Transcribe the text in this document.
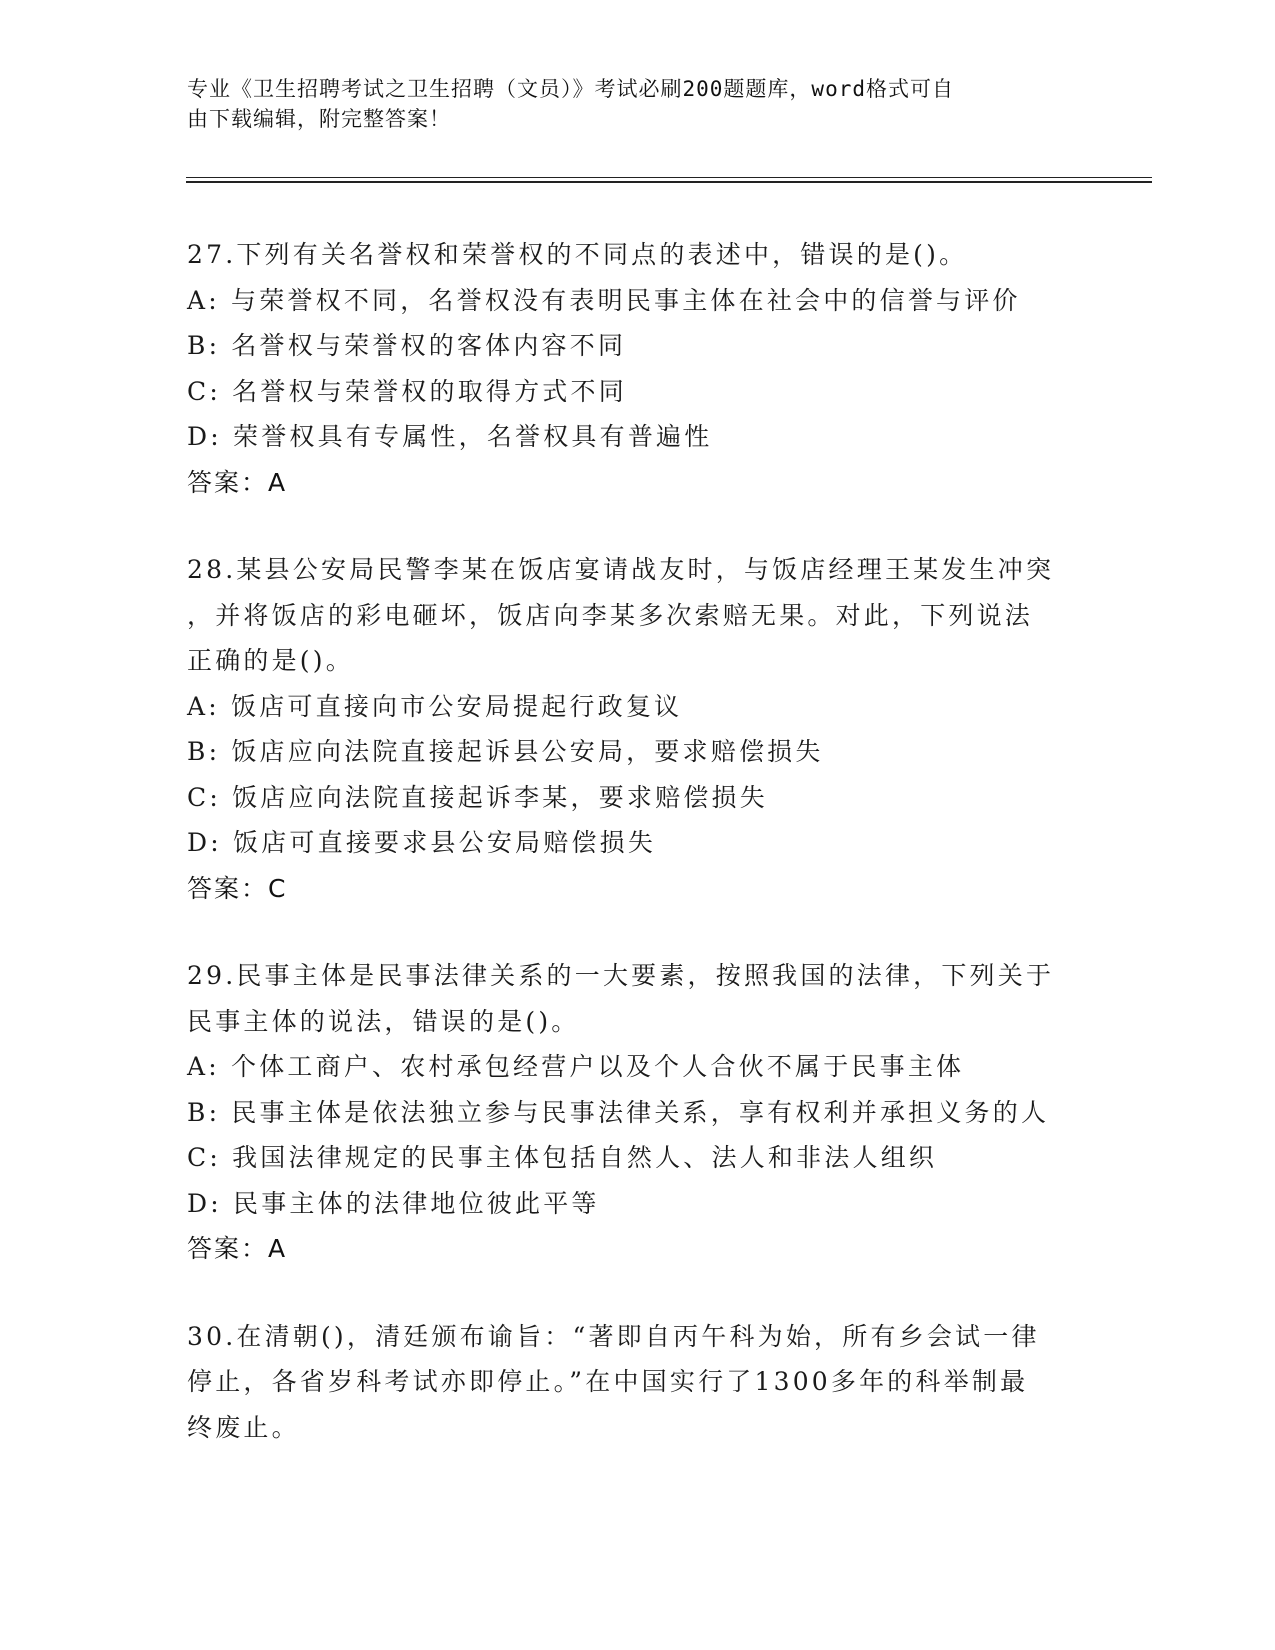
专业《卫生招聘考试之卫生招聘（文员）》考试必刷200题题库，word格式可自
由下载编辑，附完整答案！
27.下列有关名誉权和荣誉权的不同点的表述中，错误的是()。
A: 与荣誉权不同，名誉权没有表明民事主体在社会中的信誉与评价
B: 名誉权与荣誉权的客体内容不同
C: 名誉权与荣誉权的取得方式不同
D: 荣誉权具有专属性，名誉权具有普遍性
答案：A
28.某县公安局民警李某在饭店宴请战友时，与饭店经理王某发生冲突
，并将饭店的彩电砸坏，饭店向李某多次索赔无果。对此，下列说法
正确的是()。
A: 饭店可直接向市公安局提起行政复议
B: 饭店应向法院直接起诉县公安局，要求赔偿损失
C: 饭店应向法院直接起诉李某，要求赔偿损失
D: 饭店可直接要求县公安局赔偿损失
答案：C
29.民事主体是民事法律关系的一大要素，按照我国的法律，下列关于
民事主体的说法，错误的是()。
A: 个体工商户、农村承包经营户以及个人合伙不属于民事主体
B: 民事主体是依法独立参与民事法律关系，享有权利并承担义务的人
C: 我国法律规定的民事主体包括自然人、法人和非法人组织
D: 民事主体的法律地位彼此平等
答案：A
30.在清朝()，清廷颁布谕旨：“著即自丙午科为始，所有乡会试一律
停止，各省岁科考试亦即停止。”在中国实行了1300多年的科举制最
终废止。
